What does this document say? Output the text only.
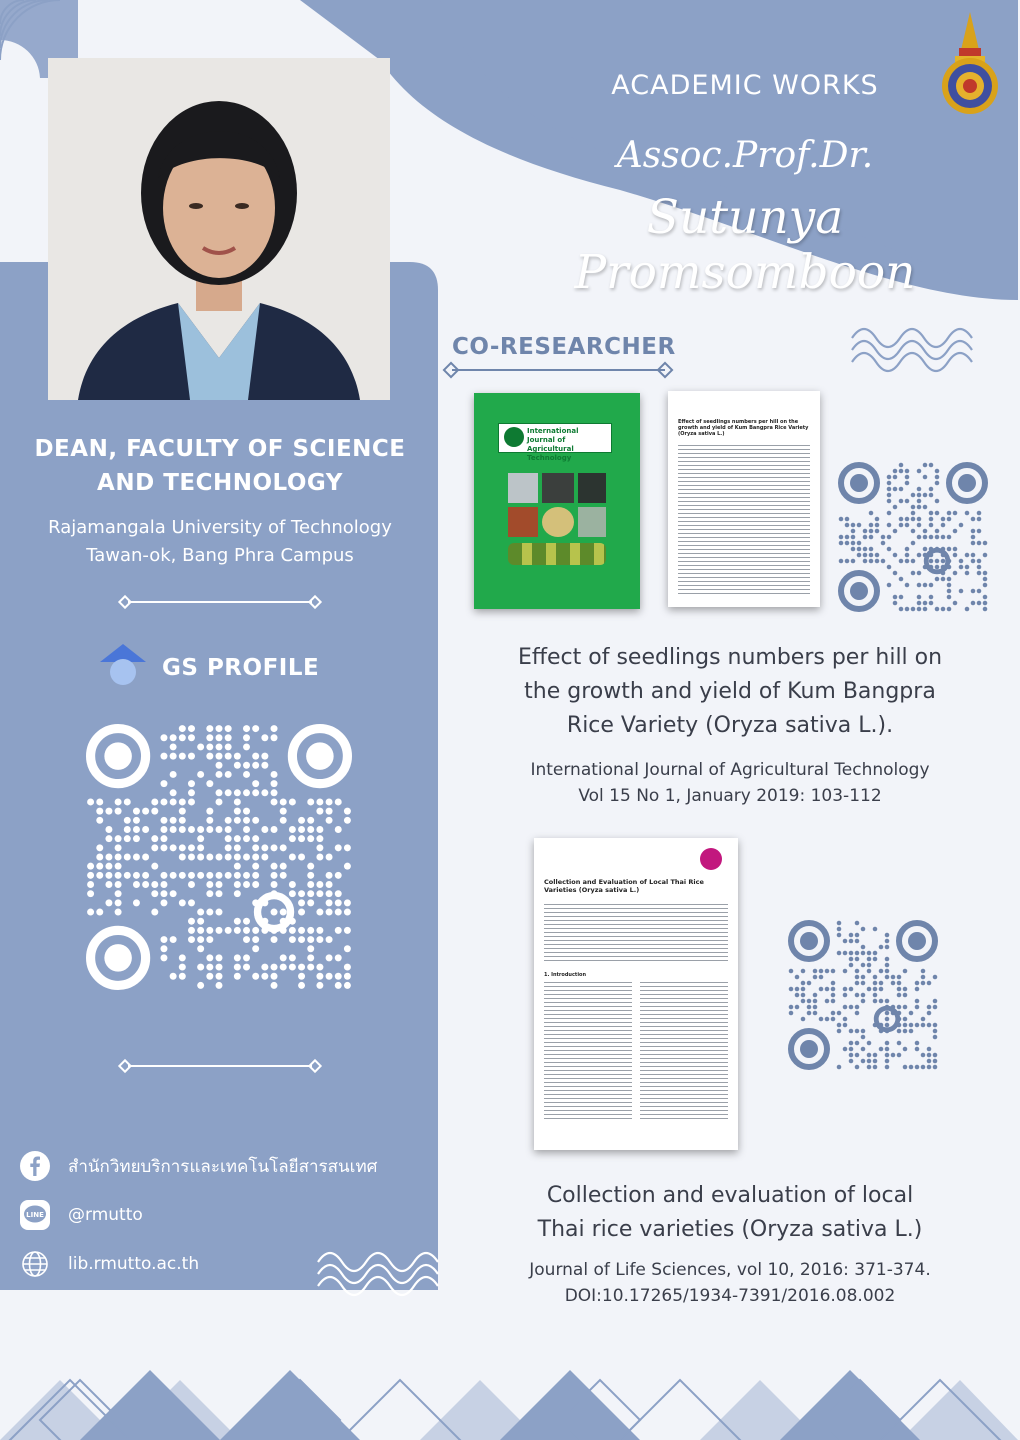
ACADEMIC WORKS
Assoc.Prof.Dr.
Sutunya Promsomboon
DEAN, FACULTY OF SCIENCE AND TECHNOLOGY
Rajamangala University of Technology
Tawan-ok, Bang Phra Campus
GS PROFILE
สำนักวิทยบริการและเทคโนโลยีสารสนเทศ
LINE @rmutto
lib.rmutto.ac.th
CO-RESEARCHER
International Journal of Agricultural Technology
Effect of seedlings numbers per hill on the growth and yield of Kum Bangpra Rice Variety (Oryza sativa L.)
Effect of seedlings numbers per hill on
the growth and yield of Kum Bangpra
Rice Variety (Oryza sativa L.).
International Journal of Agricultural Technology
Vol 15 No 1, January 2019: 103-112
Collection and Evaluation of Local Thai Rice Varieties (Oryza sativa L.)
1. Introduction
Collection and evaluation of local
Thai rice varieties (Oryza sativa L.)
Journal of Life Sciences, vol 10, 2016: 371-374.
DOI:10.17265/1934-7391/2016.08.002
